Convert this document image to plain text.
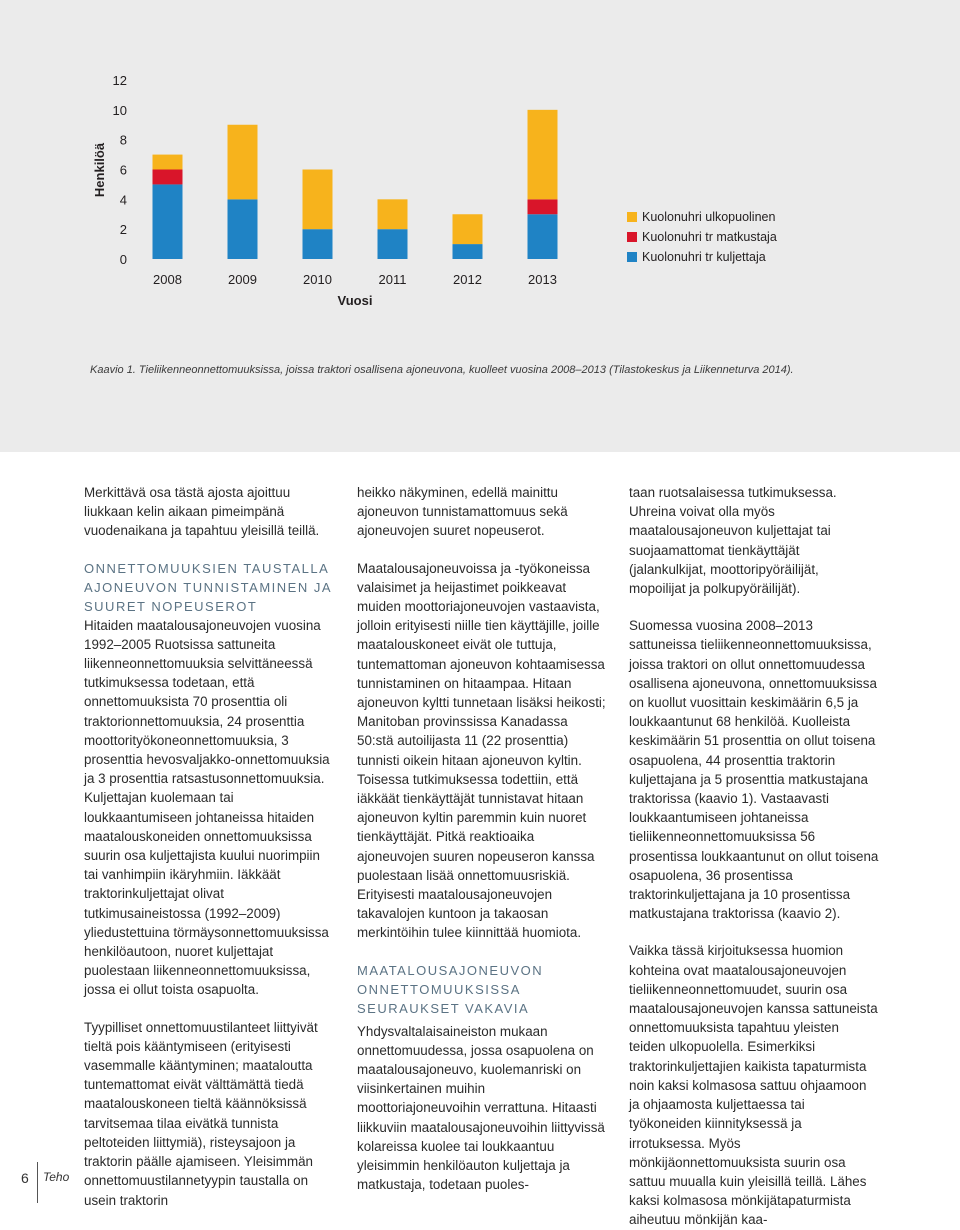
0
2
4
6
8
10
12
Henkilöä
2008	2009	2010	2011	2012	2013
Vuosi
Kuolonuhri ulkopuolinen
Kuolonuhri tr matkustaja
Kuolonuhri tr kuljettaja
Kaavio 1. Tieliikenneonnettomuuksissa, joissa traktori osallisena ajoneuvona, kuolleet vuosina 2008–2013 (Tilastokeskus ja Liikenneturva 2014).

Merkittävä osa tästä ajosta ajoittuu liukkaan kelin aikaan pimeimpänä vuodenaikana ja tapahtuu yleisillä teillä.

ONNETTOMUUKSIEN TAUSTALLA AJONEUVON TUNNISTAMINEN JA SUURET NOPEUSEROT

Hitaiden maatalousajoneuvojen vuosina 1992–2005 Ruotsissa sattuneita liikenneonnettomuuksia selvittäneessä tutkimuksessa todetaan, että onnettomuuksista 70 prosenttia oli traktorionnettomuuksia, 24 prosenttia moottorityökoneonnettomuuksia, 3 prosenttia hevosvaljakko-onnettomuuksia ja 3 prosenttia ratsastusonnettomuuksia. Kuljettajan kuolemaan tai loukkaantumiseen johtaneissa hitaiden maatalouskoneiden onnettomuuksissa suurin osa kuljettajista kuului nuorimpiin tai vanhimpiin ikäryhmiin. Iäkkäät traktorinkuljettajat olivat tutkimusaineistossa (1992–2009) yliedustettuina törmäysonnettomuuksissa henkilöautoon, nuoret kuljettajat puolestaan liikenneonnettomuuksissa, jossa ei ollut toista osapuolta.

Tyypilliset onnettomuustilanteet liittyivät tieltä pois kääntymiseen (erityisesti vasemmalle kääntyminen; maataloutta tuntemattomat eivät välttämättä tiedä maatalouskoneen tieltä käännöksissä tarvitsemaa tilaa eivätkä tunnista peltoteiden liittymiä), risteysajoon ja traktorin päälle ajamiseen. Yleisimmän onnettomuustilannetyypin taustalla on usein traktorin

heikko näkyminen, edellä mainittu ajoneuvon tunnistamattomuus sekä ajoneuvojen suuret nopeuserot.

Maatalousajoneuvoissa ja -työkoneissa valaisimet ja heijastimet poikkeavat muiden moottoriajoneuvojen vastaavista, jolloin erityisesti niille tien käyttäjille, joille maatalouskoneet eivät ole tuttuja, tuntemattoman ajoneuvon kohtaamisessa tunnistaminen on hitaampaa. Hitaan ajoneuvon kyltti tunnetaan lisäksi heikosti; Manitoban provinssissa Kanadassa 50:stä autoilijasta 11 (22 prosenttia) tunnisti oikein hitaan ajoneuvon kyltin. Toisessa tutkimuksessa todettiin, että iäkkäät tienkäyttäjät tunnistavat hitaan ajoneuvon kyltin paremmin kuin nuoret tienkäyttäjät. Pitkä reaktioaika ajoneuvojen suuren nopeuseron kanssa puolestaan lisää onnettomuusriskiä. Erityisesti maatalousajoneuvojen takavalojen kuntoon ja takaosan merkintöihin tulee kiinnittää huomiota.

MAATALOUSAJONEUVON ONNETTOMUUKSISSA SEURAUKSET VAKAVIA

Yhdysvaltalaisaineiston mukaan onnettomuudessa, jossa osapuolena on maatalousajoneuvo, kuolemanriski on viisinkertainen muihin moottoriajoneuvoihin verrattuna. Hitaasti liikkuviin maatalousajoneuvoihin liittyvissä kolareissa kuolee tai loukkaantuu yleisimmin henkilöauton kuljettaja ja matkustaja, todetaan puoles-

taan ruotsalaisessa tutkimuksessa. Uhreina voivat olla myös maatalousajoneuvon kuljettajat tai suojaamattomat tienkäyttäjät (jalankulkijat, moottoripyöräilijät, mopoilijat ja polkupyöräilijät).

Suomessa vuosina 2008–2013 sattuneissa tieliikenneonnettomuuksissa, joissa traktori on ollut onnettomuudessa osallisena ajoneuvona, onnettomuuksissa on kuollut vuosittain keskimäärin 6,5 ja loukkaantunut 68 henkilöä. Kuolleista keskimäärin 51 prosenttia on ollut toisena osapuolena, 44 prosenttia traktorin kuljettajana ja 5 prosenttia matkustajana traktorissa (kaavio 1). Vastaavasti loukkaantumiseen johtaneissa tieliikenneonnettomuuksissa 56 prosentissa loukkaantunut on ollut toisena osapuolena, 36 prosentissa traktorinkuljettajana ja 10 prosentissa matkustajana traktorissa (kaavio 2).

Vaikka tässä kirjoituksessa huomion kohteina ovat maatalousajoneuvojen tieliikenneonnettomuudet, suurin osa maatalousajoneuvojen kanssa sattuneista onnettomuuksista tapahtuu yleisten teiden ulkopuolella. Esimerkiksi traktorinkuljettajien kaikista tapaturmista noin kaksi kolmasosa sattuu ohjaamoon ja ohjaamosta kuljettaessa tai työkoneiden kiinnityksessä ja irrotuksessa. Myös mönkijäonnettomuuksista suurin osa sattuu muualla kuin yleisillä teillä. Lähes kaksi kolmasosa mönkijätapaturmista aiheutuu mönkijän kaa-

6 Teho
